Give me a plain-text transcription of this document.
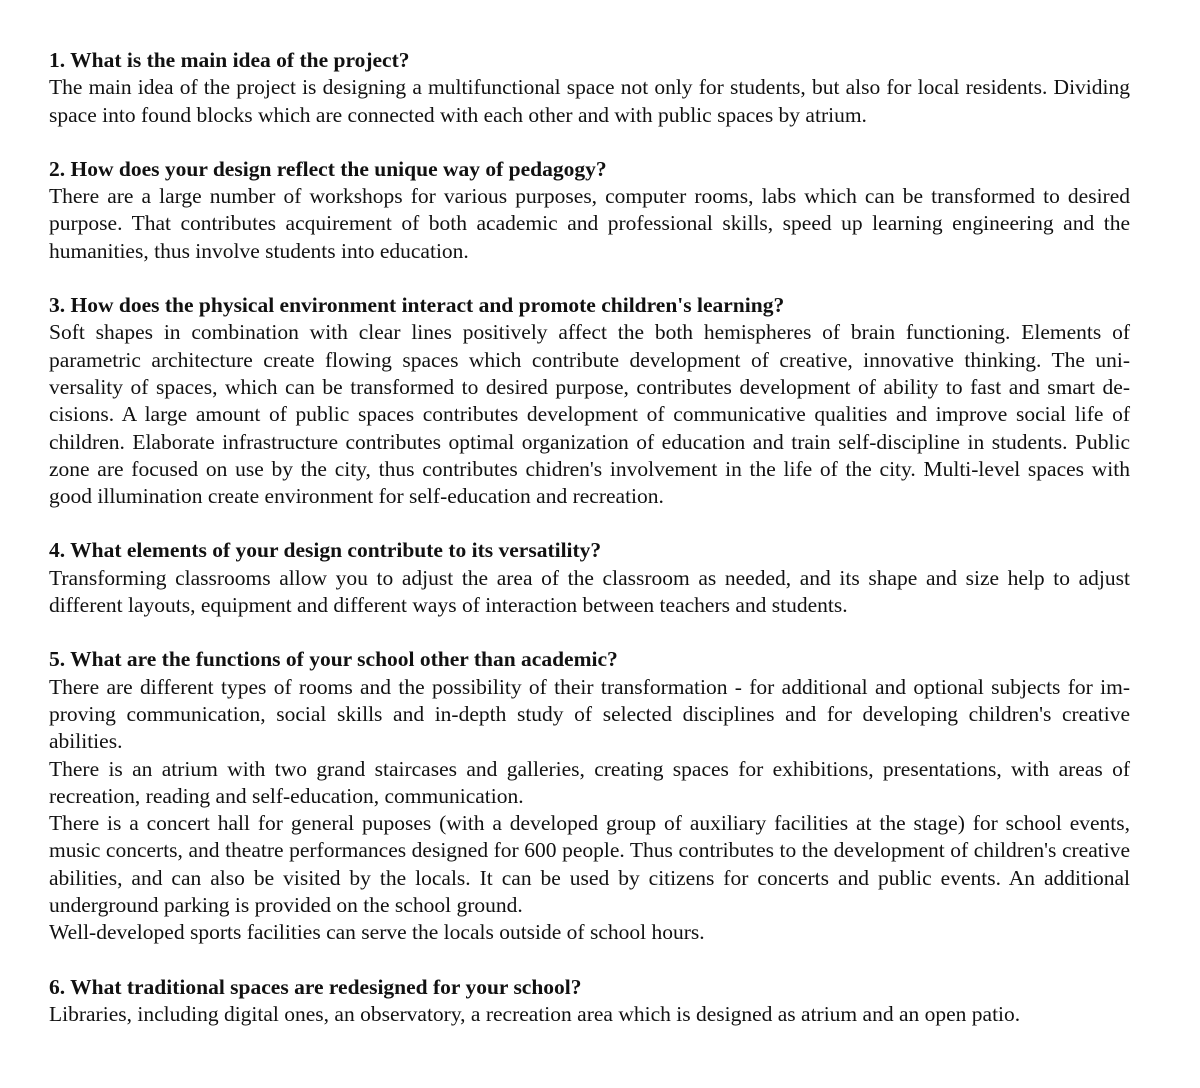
1. What is the main idea of the project?

The main idea of the project is designing a multifunctional space not only for students, but also for local residents. Dividing space into found blocks which are connected with each other and with public spaces by atrium.

2. How does your design reflect the unique way of pedagogy?

There are a large number of workshops for various purposes, computer rooms, labs which can be transformed to desired purpose. That contributes acquirement of both academic and professional skills, speed up learning engineering and the humanities, thus involve students into education.

3. How does the physical environment interact and promote children's learning?

Soft shapes in combination with clear lines positively affect the both hemispheres of brain functioning. Elements of parametric architecture create flowing spaces which contribute development of creative, innovative thinking. The universality of spaces, which can be transformed to desired purpose, contributes development of ability to fast and smart decisions. A large amount of public spaces contributes development of communicative qualities and improve social life of children. Elaborate infrastructure contributes optimal organization of education and train self-discipline in students. Public zone are focused on use by the city, thus contributes chidren's involvement in the life of the city. Multi-level spaces with good illumination create environment for self-education and recreation.

4. What elements of your design contribute to its versatility?

Transforming classrooms allow you to adjust the area of the classroom as needed, and its shape and size help to adjust different layouts, equipment and different ways of interaction between teachers and students.

5. What are the functions of your school other than academic?

There are different types of rooms and the possibility of their transformation - for additional and optional subjects for improving communication, social skills and in-depth study of selected disciplines and for developing children's creative abilities.

There is an atrium with two grand staircases and galleries, creating spaces for exhibitions, presentations, with areas of recreation, reading and self-education, communication.

There is a concert hall for general puposes (with a developed group of auxiliary facilities at the stage) for school events, music concerts, and theatre performances designed for 600 people. Thus contributes to the development of children's creative abilities, and can also be visited by the locals. It can be used by citizens for concerts and public events. An additional underground parking is provided on the school ground.

Well-developed sports facilities can serve the locals outside of school hours.

6. What traditional spaces are redesigned for your school?

Libraries, including digital ones, an observatory, a recreation area which is designed as atrium and an open patio.
